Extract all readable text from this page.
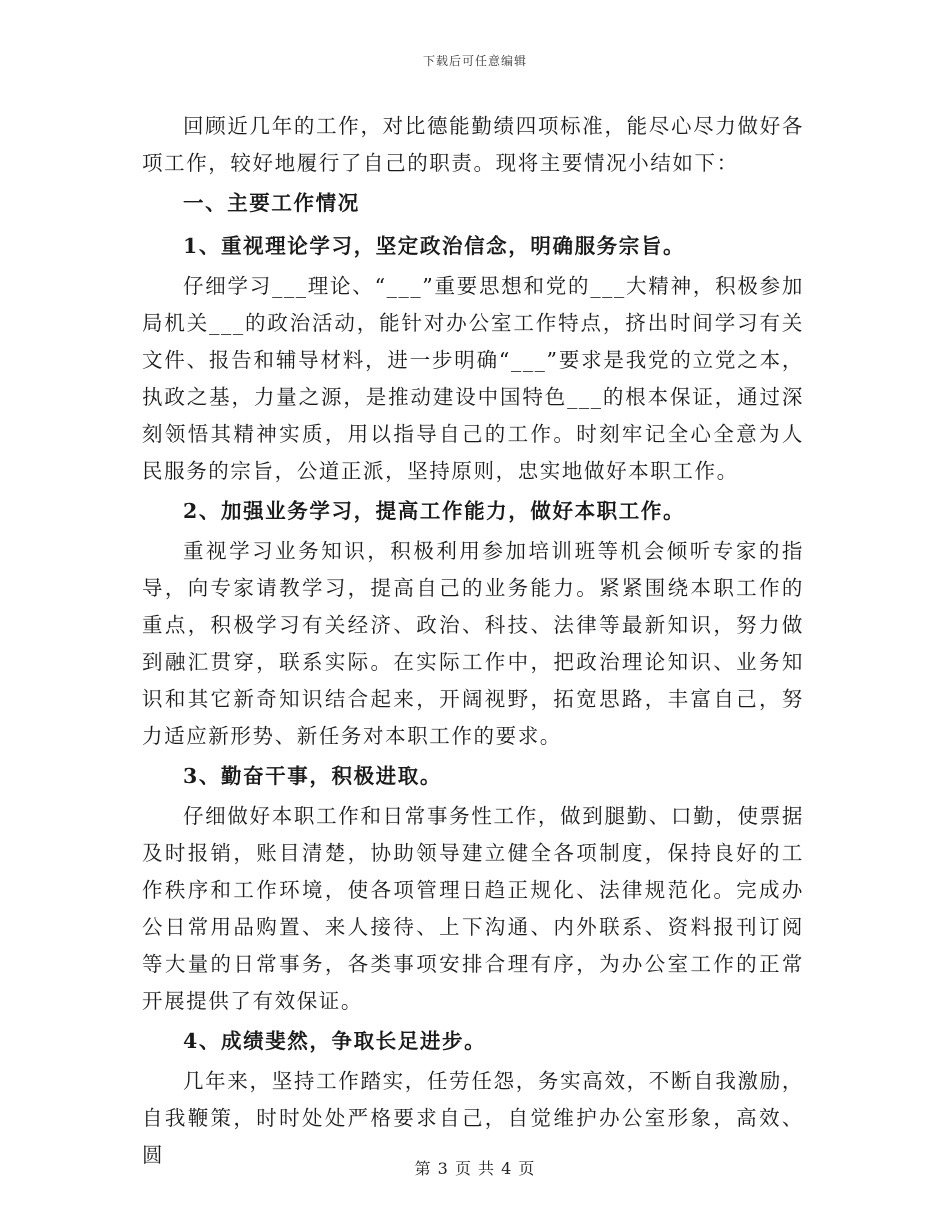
下载后可任意编辑

回顾近几年的工作，对比德能勤绩四项标准，能尽心尽力做好各项工作，较好地履行了自己的职责。现将主要情况小结如下：

一、主要工作情况

1、重视理论学习，坚定政治信念，明确服务宗旨。

仔细学习___理论、“___”重要思想和党的___大精神，积极参加局机关___的政治活动，能针对办公室工作特点，挤出时间学习有关文件、报告和辅导材料，进一步明确“___”要求是我党的立党之本，执政之基，力量之源，是推动建设中国特色___的根本保证，通过深刻领悟其精神实质，用以指导自己的工作。时刻牢记全心全意为人民服务的宗旨，公道正派，坚持原则，忠实地做好本职工作。

2、加强业务学习，提高工作能力，做好本职工作。

重视学习业务知识，积极利用参加培训班等机会倾听专家的指导，向专家请教学习，提高自己的业务能力。紧紧围绕本职工作的重点，积极学习有关经济、政治、科技、法律等最新知识，努力做到融汇贯穿，联系实际。在实际工作中，把政治理论知识、业务知识和其它新奇知识结合起来，开阔视野，拓宽思路，丰富自己，努力适应新形势、新任务对本职工作的要求。

3、勤奋干事，积极进取。

仔细做好本职工作和日常事务性工作，做到腿勤、口勤，使票据及时报销，账目清楚，协助领导建立健全各项制度，保持良好的工作秩序和工作环境，使各项管理日趋正规化、法律规范化。完成办公日常用品购置、来人接待、上下沟通、内外联系、资料报刊订阅等大量的日常事务，各类事项安排合理有序，为办公室工作的正常开展提供了有效保证。

4、成绩斐然，争取长足进步。

几年来，坚持工作踏实，任劳任怨，务实高效，不断自我激励，自我鞭策，时时处处严格要求自己，自觉维护办公室形象，高效、圆

第 3 页 共 4 页
